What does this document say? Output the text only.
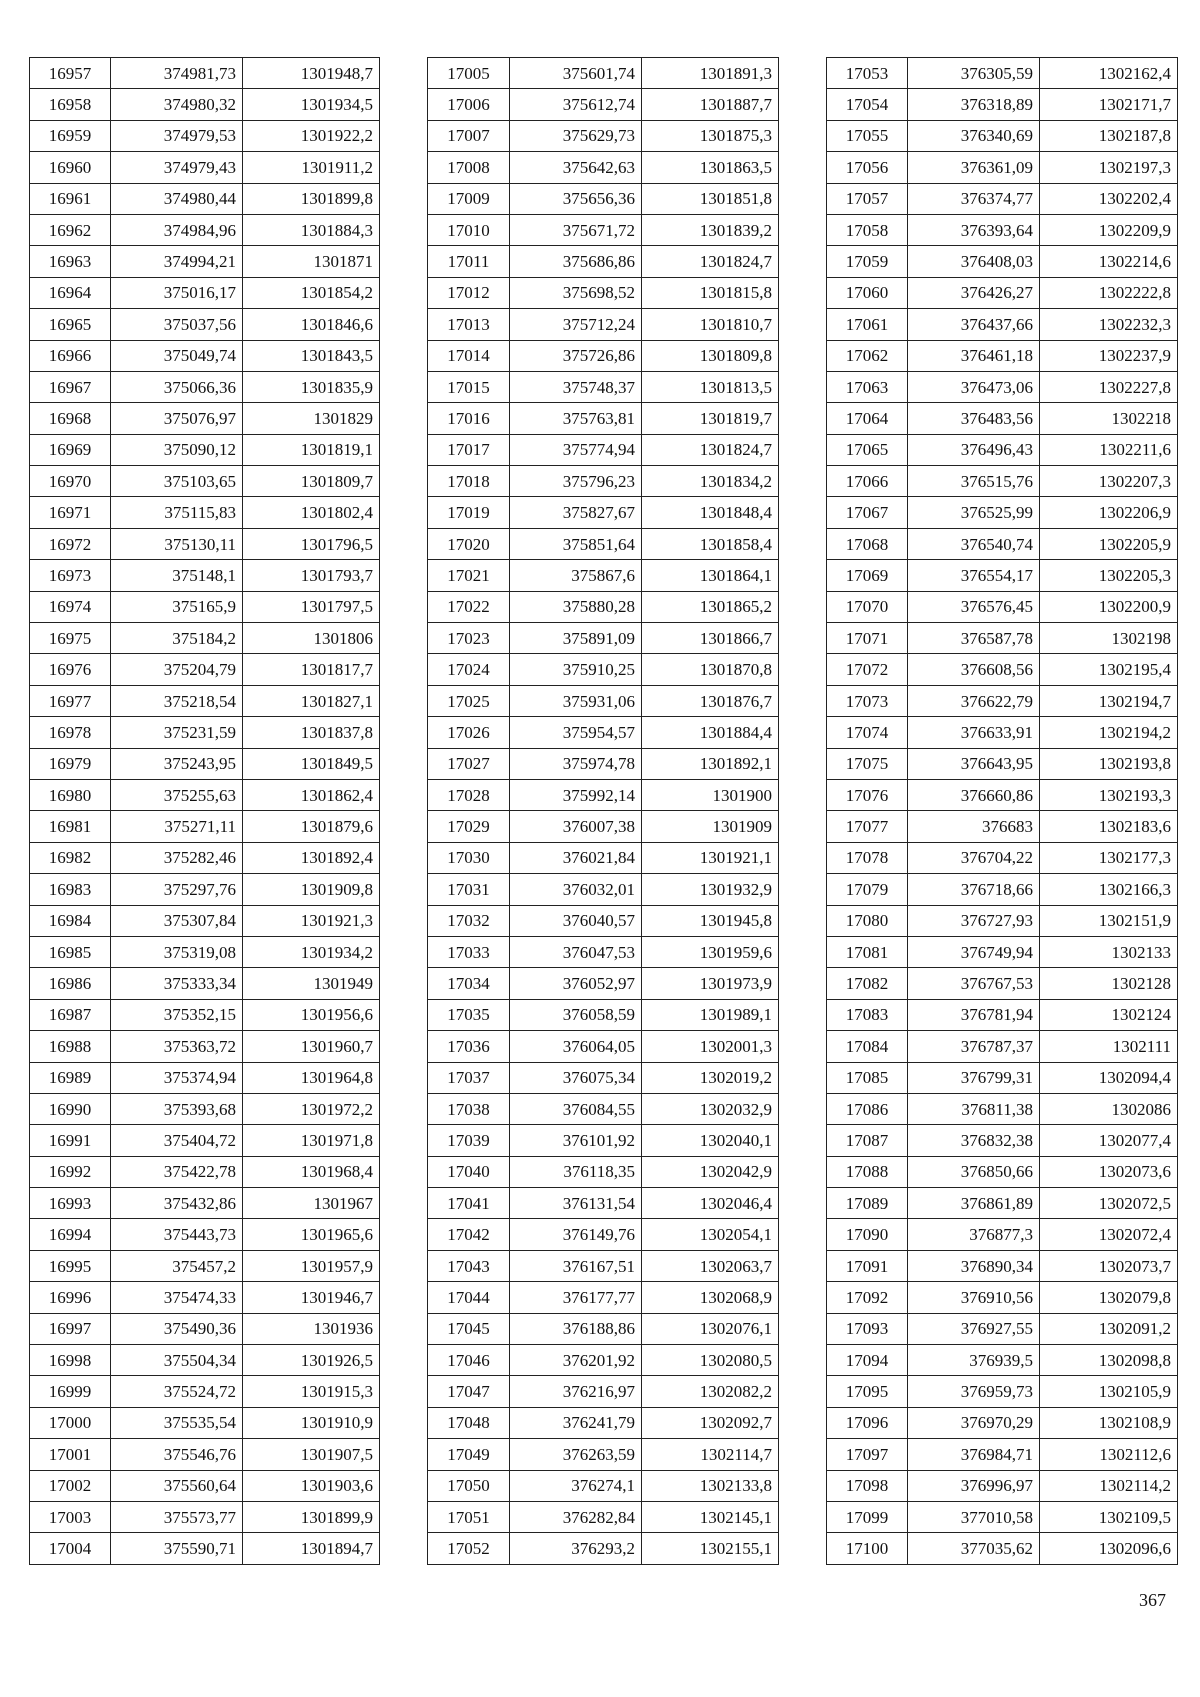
16957	374981,73	1301948,7
16958	374980,32	1301934,5
16959	374979,53	1301922,2
16960	374979,43	1301911,2
16961	374980,44	1301899,8
16962	374984,96	1301884,3
16963	374994,21	1301871
16964	375016,17	1301854,2
16965	375037,56	1301846,6
16966	375049,74	1301843,5
16967	375066,36	1301835,9
16968	375076,97	1301829
16969	375090,12	1301819,1
16970	375103,65	1301809,7
16971	375115,83	1301802,4
16972	375130,11	1301796,5
16973	375148,1	1301793,7
16974	375165,9	1301797,5
16975	375184,2	1301806
16976	375204,79	1301817,7
16977	375218,54	1301827,1
16978	375231,59	1301837,8
16979	375243,95	1301849,5
16980	375255,63	1301862,4
16981	375271,11	1301879,6
16982	375282,46	1301892,4
16983	375297,76	1301909,8
16984	375307,84	1301921,3
16985	375319,08	1301934,2
16986	375333,34	1301949
16987	375352,15	1301956,6
16988	375363,72	1301960,7
16989	375374,94	1301964,8
16990	375393,68	1301972,2
16991	375404,72	1301971,8
16992	375422,78	1301968,4
16993	375432,86	1301967
16994	375443,73	1301965,6
16995	375457,2	1301957,9
16996	375474,33	1301946,7
16997	375490,36	1301936
16998	375504,34	1301926,5
16999	375524,72	1301915,3
17000	375535,54	1301910,9
17001	375546,76	1301907,5
17002	375560,64	1301903,6
17003	375573,77	1301899,9
17004	375590,71	1301894,7
17005	375601,74	1301891,3
17006	375612,74	1301887,7
17007	375629,73	1301875,3
17008	375642,63	1301863,5
17009	375656,36	1301851,8
17010	375671,72	1301839,2
17011	375686,86	1301824,7
17012	375698,52	1301815,8
17013	375712,24	1301810,7
17014	375726,86	1301809,8
17015	375748,37	1301813,5
17016	375763,81	1301819,7
17017	375774,94	1301824,7
17018	375796,23	1301834,2
17019	375827,67	1301848,4
17020	375851,64	1301858,4
17021	375867,6	1301864,1
17022	375880,28	1301865,2
17023	375891,09	1301866,7
17024	375910,25	1301870,8
17025	375931,06	1301876,7
17026	375954,57	1301884,4
17027	375974,78	1301892,1
17028	375992,14	1301900
17029	376007,38	1301909
17030	376021,84	1301921,1
17031	376032,01	1301932,9
17032	376040,57	1301945,8
17033	376047,53	1301959,6
17034	376052,97	1301973,9
17035	376058,59	1301989,1
17036	376064,05	1302001,3
17037	376075,34	1302019,2
17038	376084,55	1302032,9
17039	376101,92	1302040,1
17040	376118,35	1302042,9
17041	376131,54	1302046,4
17042	376149,76	1302054,1
17043	376167,51	1302063,7
17044	376177,77	1302068,9
17045	376188,86	1302076,1
17046	376201,92	1302080,5
17047	376216,97	1302082,2
17048	376241,79	1302092,7
17049	376263,59	1302114,7
17050	376274,1	1302133,8
17051	376282,84	1302145,1
17052	376293,2	1302155,1
17053	376305,59	1302162,4
17054	376318,89	1302171,7
17055	376340,69	1302187,8
17056	376361,09	1302197,3
17057	376374,77	1302202,4
17058	376393,64	1302209,9
17059	376408,03	1302214,6
17060	376426,27	1302222,8
17061	376437,66	1302232,3
17062	376461,18	1302237,9
17063	376473,06	1302227,8
17064	376483,56	1302218
17065	376496,43	1302211,6
17066	376515,76	1302207,3
17067	376525,99	1302206,9
17068	376540,74	1302205,9
17069	376554,17	1302205,3
17070	376576,45	1302200,9
17071	376587,78	1302198
17072	376608,56	1302195,4
17073	376622,79	1302194,7
17074	376633,91	1302194,2
17075	376643,95	1302193,8
17076	376660,86	1302193,3
17077	376683	1302183,6
17078	376704,22	1302177,3
17079	376718,66	1302166,3
17080	376727,93	1302151,9
17081	376749,94	1302133
17082	376767,53	1302128
17083	376781,94	1302124
17084	376787,37	1302111
17085	376799,31	1302094,4
17086	376811,38	1302086
17087	376832,38	1302077,4
17088	376850,66	1302073,6
17089	376861,89	1302072,5
17090	376877,3	1302072,4
17091	376890,34	1302073,7
17092	376910,56	1302079,8
17093	376927,55	1302091,2
17094	376939,5	1302098,8
17095	376959,73	1302105,9
17096	376970,29	1302108,9
17097	376984,71	1302112,6
17098	376996,97	1302114,2
17099	377010,58	1302109,5
17100	377035,62	1302096,6
367
